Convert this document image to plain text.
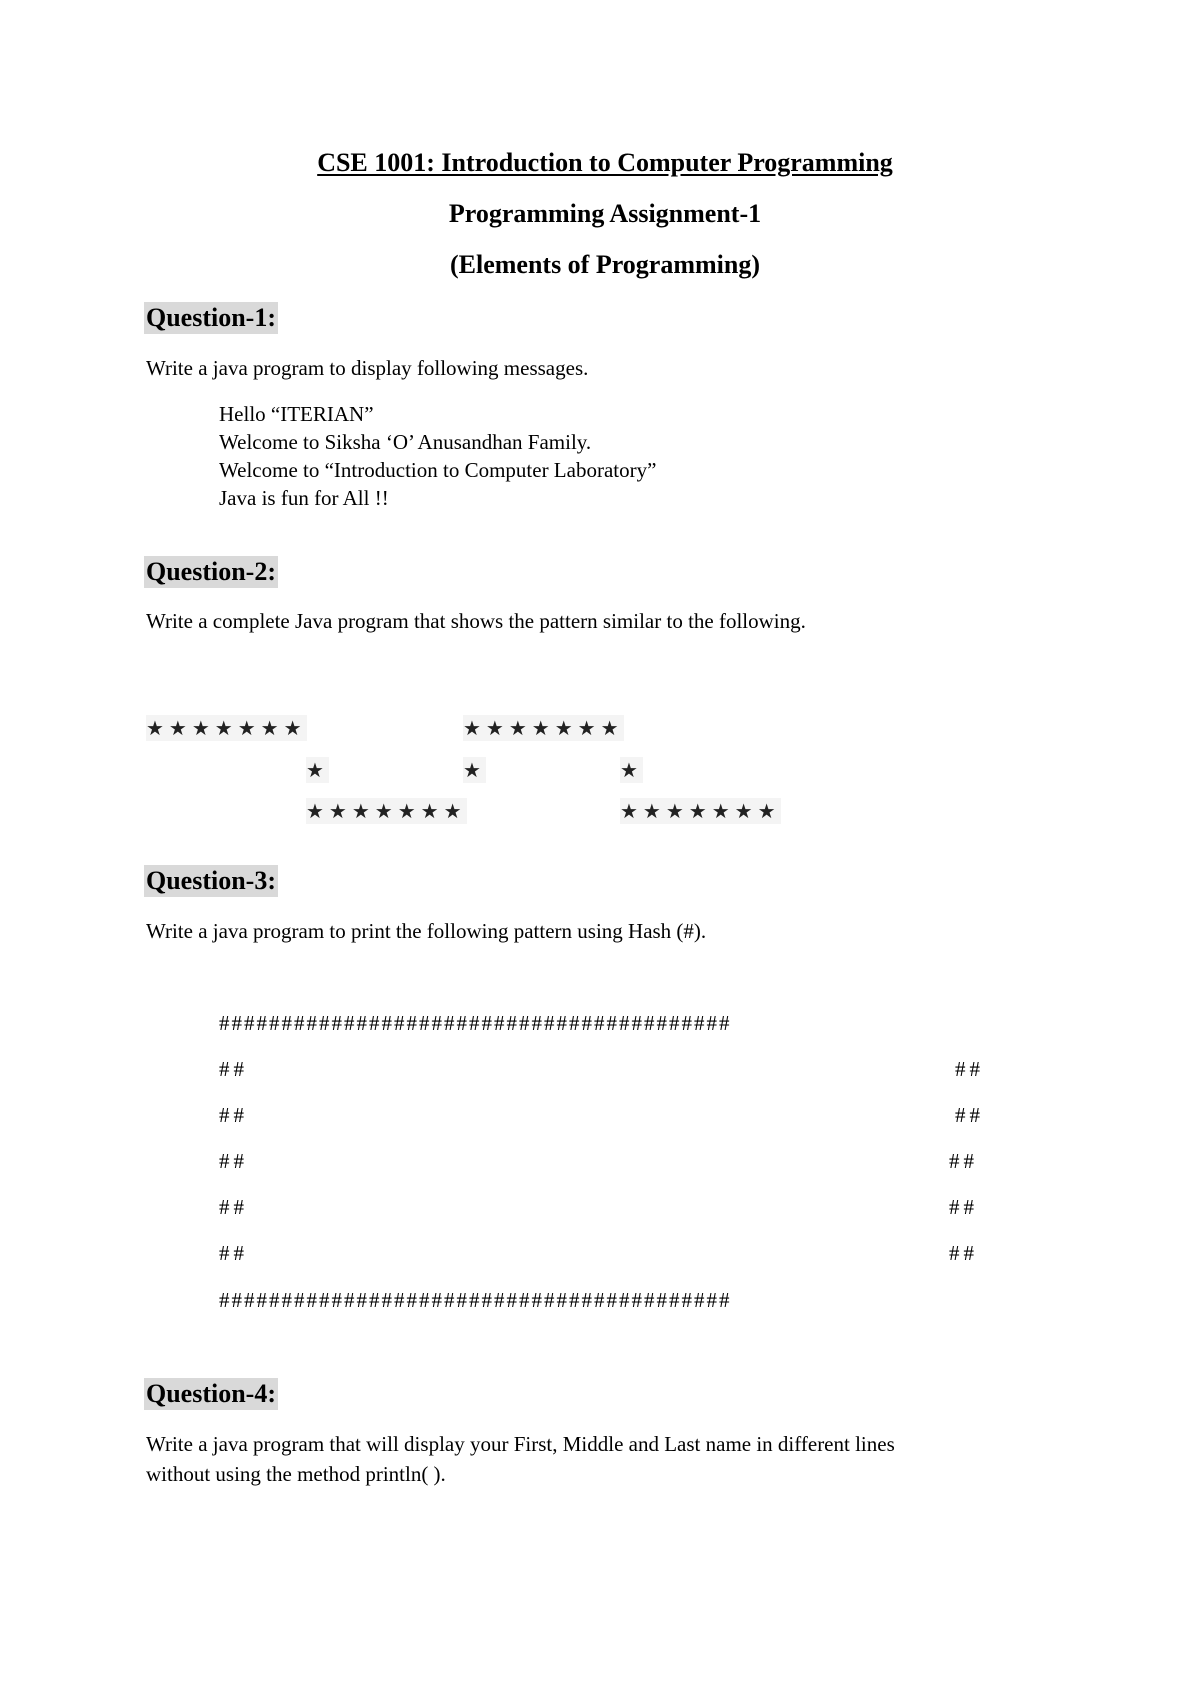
CSE 1001: Introduction to Computer Programming
Programming Assignment-1
(Elements of Programming)
Question-1:
Write a java program to display following messages.
Hello “ITERIAN”
Welcome to Siksha ‘O’ Anusandhan Family.
Welcome to “Introduction to Computer Laboratory”
Java is fun for All !!
Question-2:
Write a complete Java program that shows the pattern similar to the following.
★★★★★★★	★★★★★★★
★	★	★
★★★★★★★	★★★★★★★
Question-3:
Write a java program to print the following pattern using Hash (#).
#########################################
##	##
##	##
##	##
##	##
##	##
#########################################
Question-4:
Write a java program that will display your First, Middle and Last name in different lines
without using the method println( ).
